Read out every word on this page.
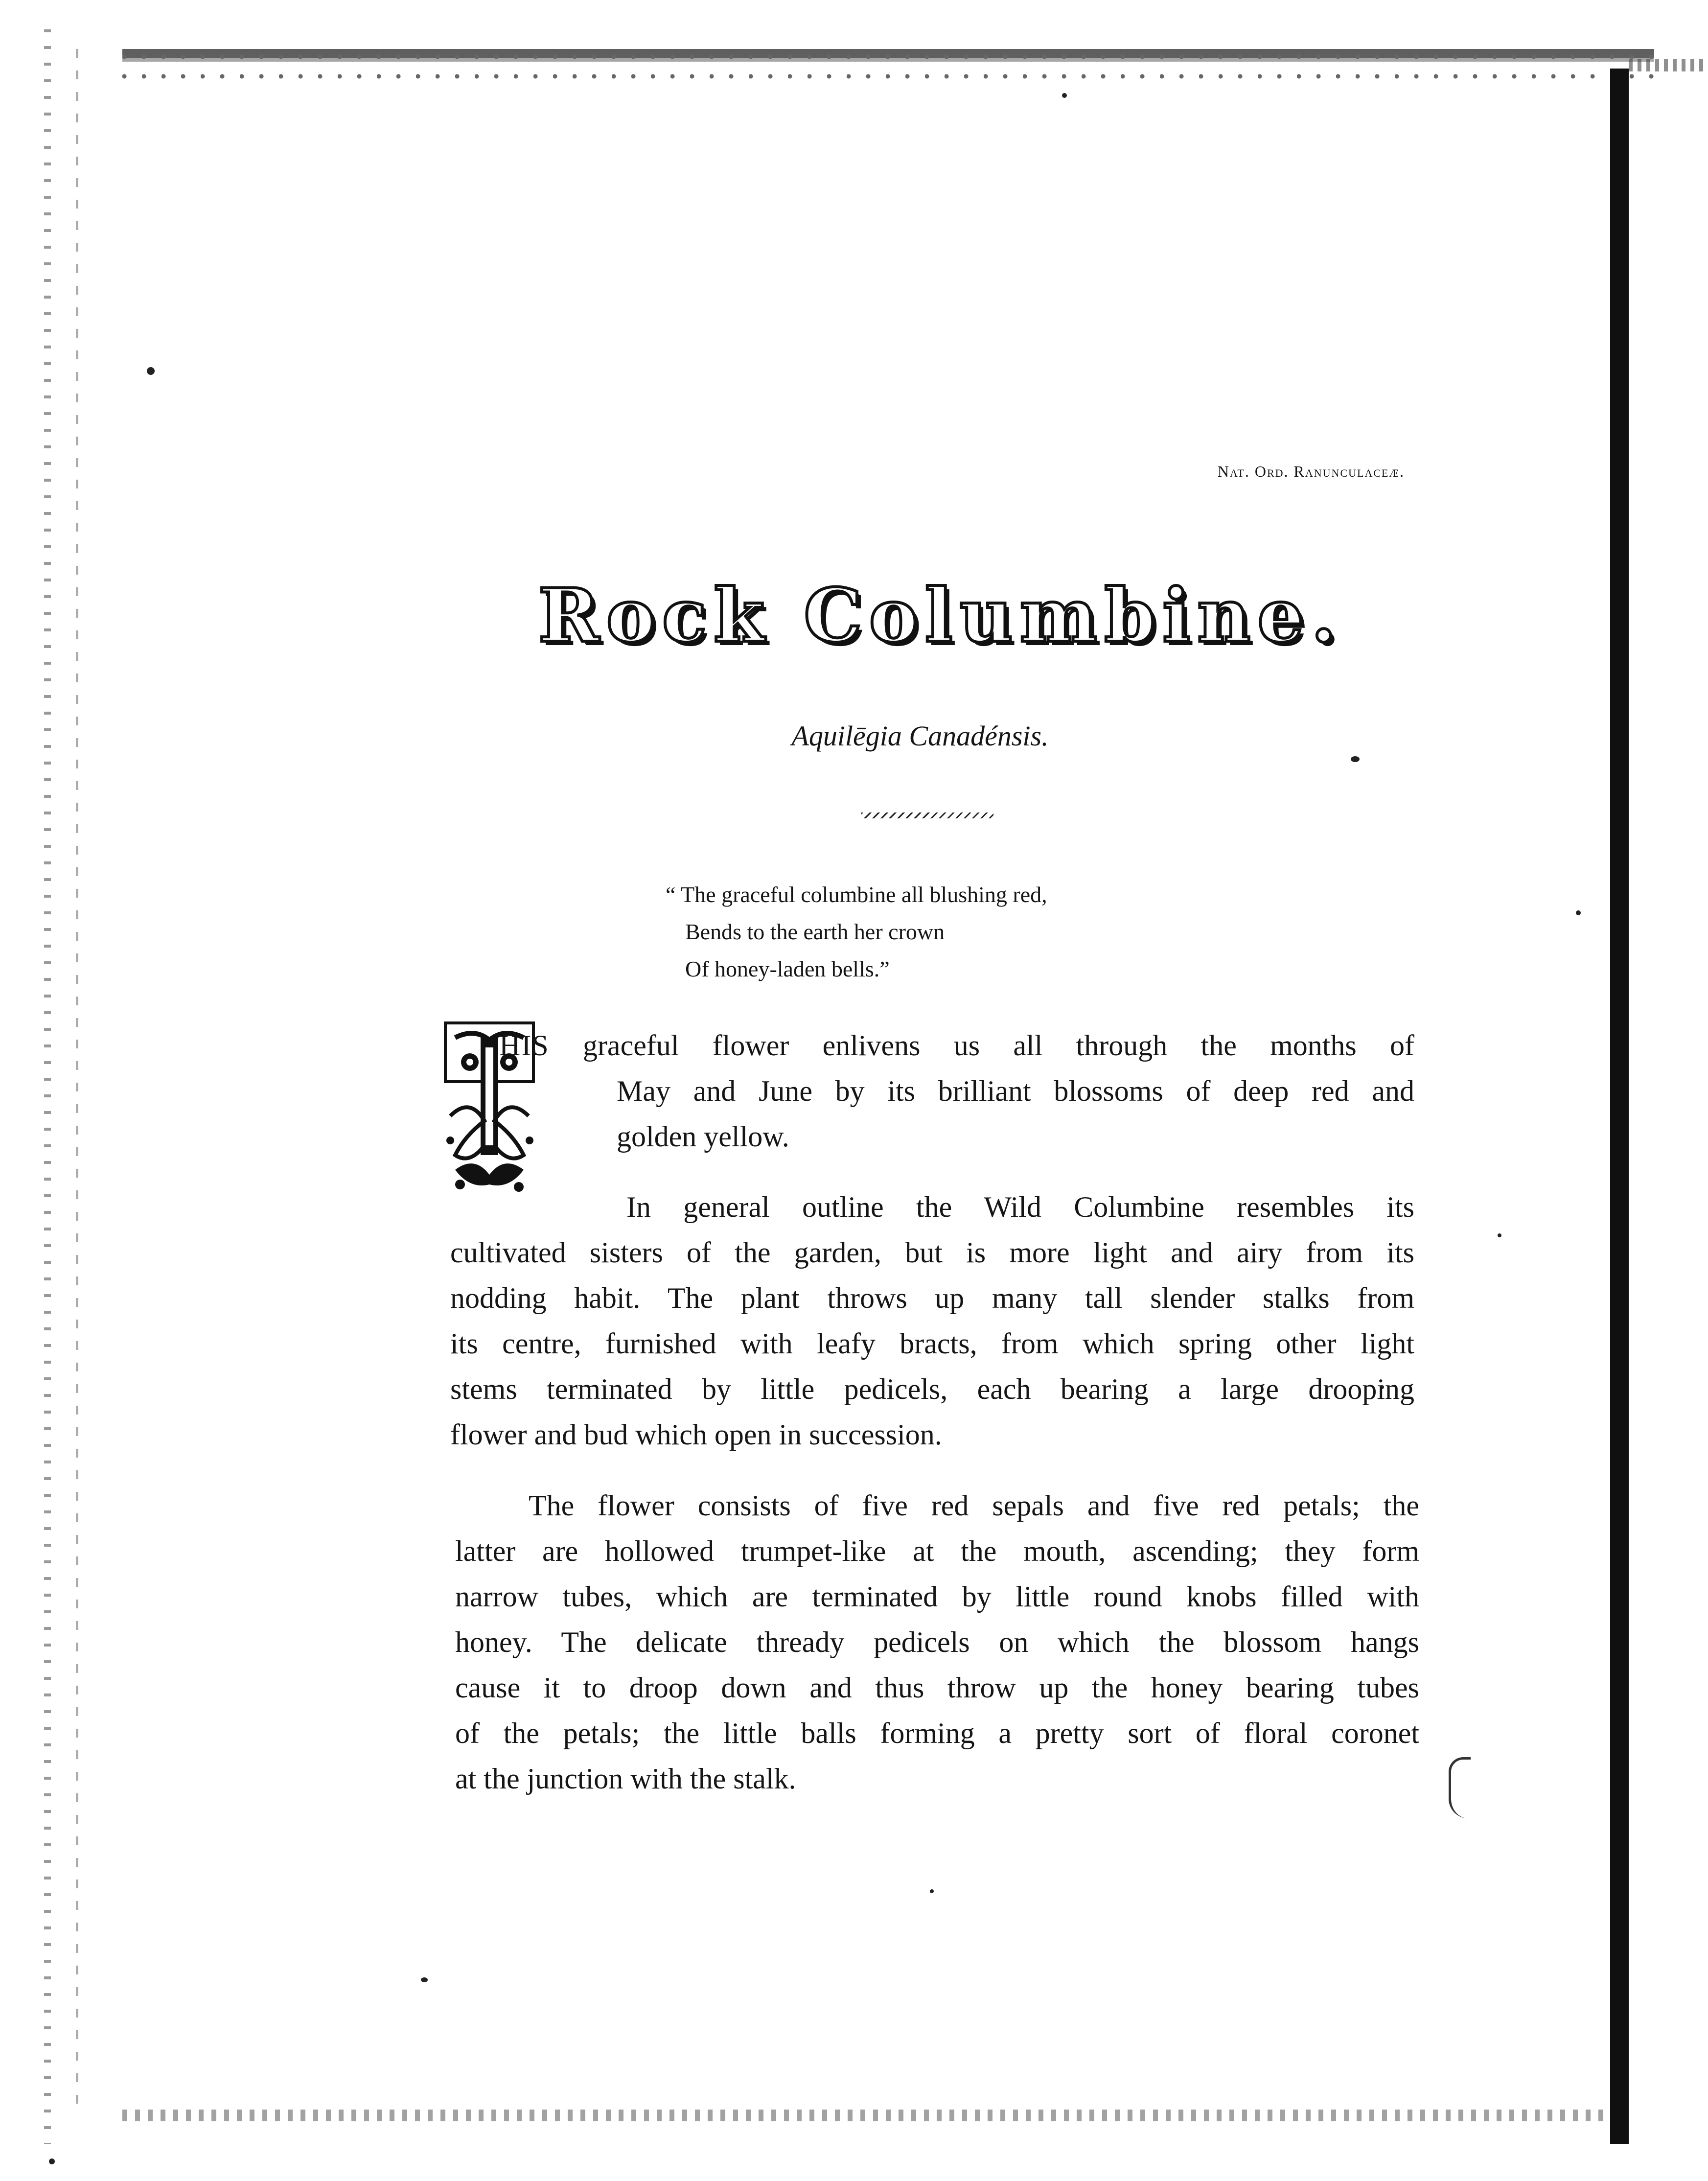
Nat. Ord. Ranunculaceæ.
Rock Columbine.
Aquilēgia Canadénsis.
“ The graceful columbine all blushing red,
Bends to the earth her crown
Of honey-laden bells.”
HIS graceful flower enlivens us all through the months of
May and June by its brilliant blossoms of deep red and
golden yellow.
In general outline the Wild Columbine resembles its
cultivated sisters of the garden, but is more light and airy from its
nodding habit. The plant throws up many tall slender stalks from
its centre, furnished with leafy bracts, from which spring other light
stems terminated by little pedicels, each bearing a large drooping
flower and bud which open in succession.
The flower consists of five red sepals and five red petals; the
latter are hollowed trumpet-like at the mouth, ascending; they form
narrow tubes, which are terminated by little round knobs filled with
honey. The delicate thready pedicels on which the blossom hangs
cause it to droop down and thus throw up the honey bearing tubes
of the petals; the little balls forming a pretty sort of floral coronet
at the junction with the stalk.
